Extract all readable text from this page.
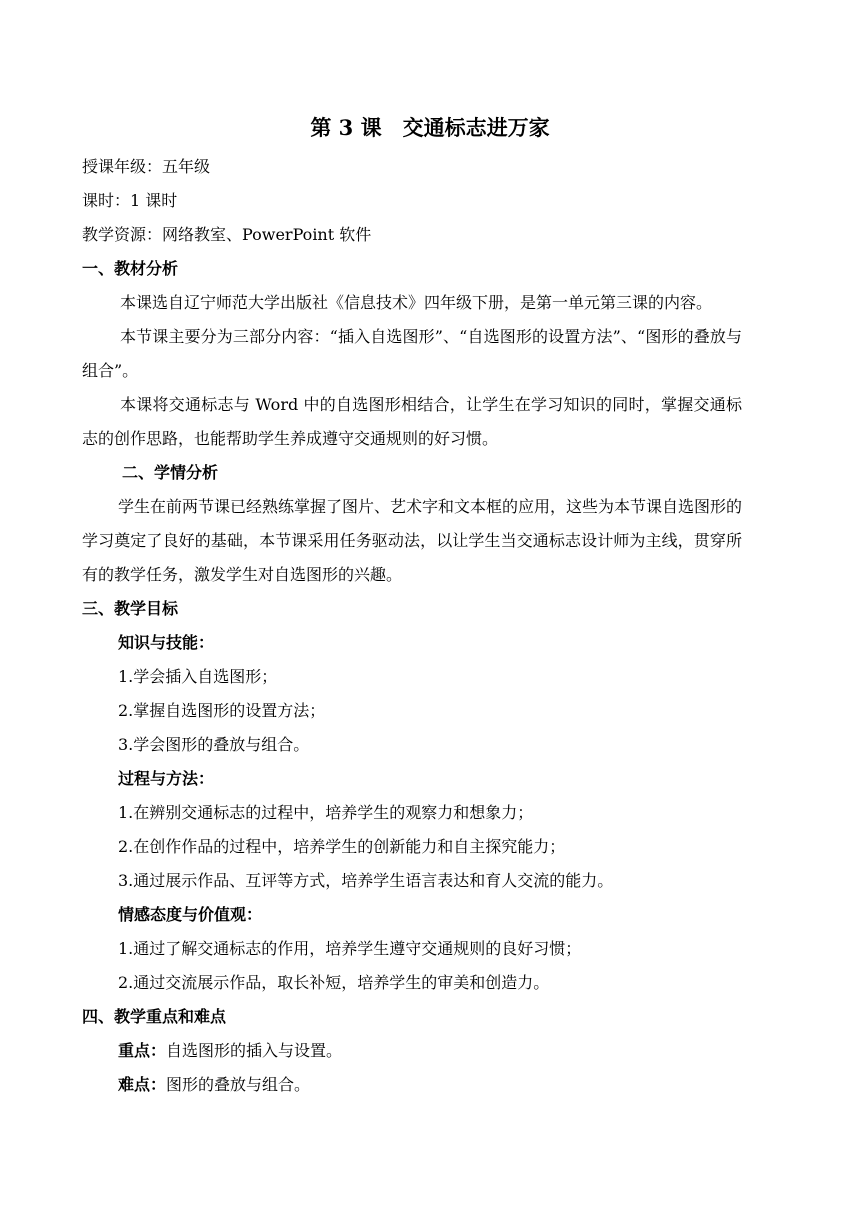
第 3 课　交通标志进万家
授课年级：五年级
课时：1 课时
教学资源：网络教室、PowerPoint 软件
一、教材分析
本课选自辽宁师范大学出版社《信息技术》四年级下册，是第一单元第三课的内容。
本节课主要分为三部分内容：“插入自选图形”、“自选图形的设置方法”、“图形的叠放与组合”。
本课将交通标志与 Word 中的自选图形相结合，让学生在学习知识的同时，掌握交通标志的创作思路，也能帮助学生养成遵守交通规则的好习惯。
二、学情分析
学生在前两节课已经熟练掌握了图片、艺术字和文本框的应用，这些为本节课自选图形的学习奠定了良好的基础，本节课采用任务驱动法，以让学生当交通标志设计师为主线，贯穿所有的教学任务，激发学生对自选图形的兴趣。
三、教学目标
知识与技能：
1.学会插入自选图形；
2.掌握自选图形的设置方法；
3.学会图形的叠放与组合。
过程与方法：
1.在辨别交通标志的过程中，培养学生的观察力和想象力；
2.在创作作品的过程中，培养学生的创新能力和自主探究能力；
3.通过展示作品、互评等方式，培养学生语言表达和育人交流的能力。
情感态度与价值观：
1.通过了解交通标志的作用，培养学生遵守交通规则的良好习惯；
2.通过交流展示作品，取长补短，培养学生的审美和创造力。
四、教学重点和难点
重点：自选图形的插入与设置。
难点：图形的叠放与组合。
